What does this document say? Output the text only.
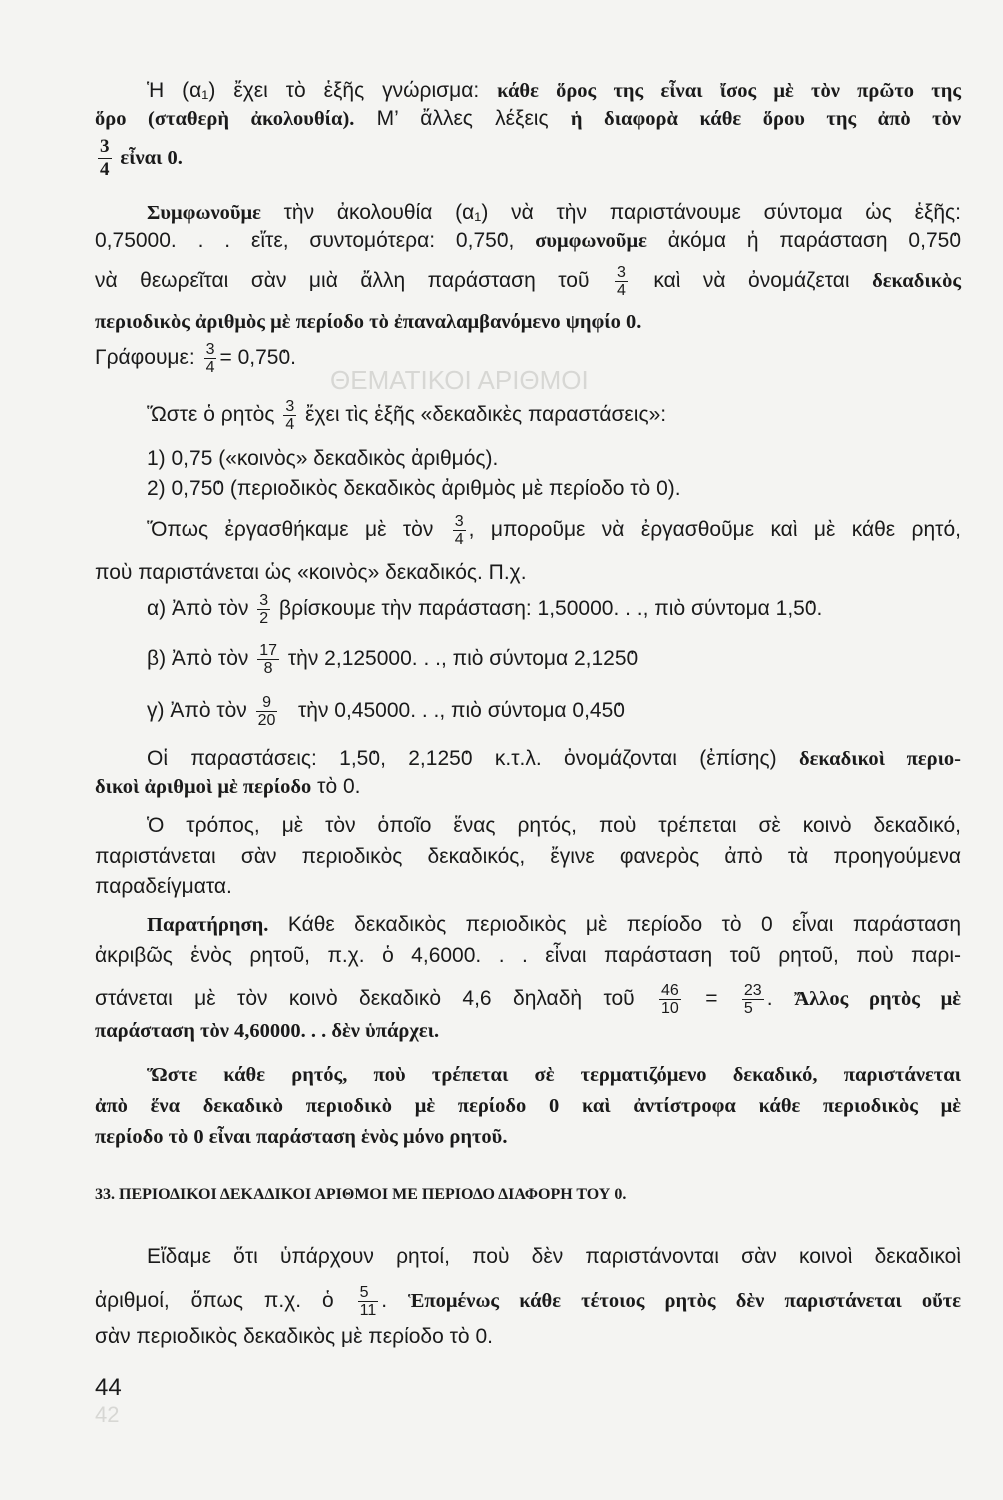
ΘΕΜΑΤΙΚΟΙ ΑΡΙΘΜΟΙ
42
Ἡ (α₁) ἔχει τὸ ἑξῆς γνώρισμα: κάθε ὅρος της εἶναι ἴσος μὲ τὸν πρῶτο της
ὅρο (σταθερὴ ἀκολουθία). Μ’ ἄλλες λέξεις ἡ διαφορὰ κάθε ὅρου της ἀπὸ τὸν
$\frac{3}{4}$ εἶναι 0.
Συμφωνοῦμε τὴν ἀκολουθία (α₁) νὰ τὴν παριστάνουμε σύντομα ὡς ἑξῆς:
0,75000. . . εἴτε, συντομότερα: 0,750 ., συμφωνοῦμε ἀκόμα ἡ παράσταση 0,750 .
νὰ θεωρεῖται σὰν μιὰ ἄλλη παράσταση τοῦ $\frac{3}{4}$ καὶ νὰ ὀνομάζεται δεκαδικὸς
περιοδικὸς ἀριθμὸς μὲ περίοδο τὸ ἐπαναλαμβανόμενο ψηφίο 0.
Γράφουμε: $\frac{3}{4} = 0,750$ ..
Ὥστε ὁ ρητὸς $\frac{3}{4}$ ἔχει τὶς ἑξῆς «δεκαδικὲς παραστάσεις»:
1) 0,75 («κοινὸς» δεκαδικὸς ἀριθμός).
2) 0,750 . (περιοδικὸς δεκαδικὸς ἀριθμὸς μὲ περίοδο τὸ 0).
Ὅπως ἐργασθήκαμε μὲ τὸν $\frac{3}{4}$ , μποροῦμε νὰ ἐργασθοῦμε καὶ μὲ κάθε ρητό,
ποὺ παριστάνεται ὡς «κοινὸς» δεκαδικός. Π.χ.
α) Ἀπὸ τὸν $\frac{3}{2}$ βρίσκουμε τὴν παράσταση: 1,50000. . ., πιὸ σύντομα 1,50 ..
β) Ἀπὸ τὸν $\frac{17}{8}$ τὴν 2,125000. . ., πιὸ σύντομα 2,1250 .
γ) Ἀπὸ τὸν $\frac{9}{20}$ τὴν 0,45000. . ., πιὸ σύντομα 0,450 .
Οἱ παραστάσεις: 1,50 ., 2,1250 . κ.τ.λ. ὀνομάζονται (ἐπίσης) δεκαδικοὶ περιο-
δικοὶ ἀριθμοὶ μὲ περίοδο τὸ 0.
Ὁ τρόπος, μὲ τὸν ὁποῖο ἕνας ρητός, ποὺ τρέπεται σὲ κοινὸ δεκαδικό,
παριστάνεται σὰν περιοδικὸς δεκαδικός, ἔγινε φανερὸς ἀπὸ τὰ προηγούμενα
παραδείγματα.
Παρατήρηση. Κάθε δεκαδικὸς περιοδικὸς μὲ περίοδο τὸ 0 εἶναι παράσταση
ἀκριβῶς ἑνὸς ρητοῦ, π.χ. ὁ 4,6000. . . εἶναι παράσταση τοῦ ρητοῦ, ποὺ παρι-
στάνεται μὲ τὸν κοινὸ δεκαδικὸ 4,6 δηλαδὴ τοῦ $\frac{46}{10} = \frac{23}{5}$ . Ἄλλος ρητὸς μὲ
παράσταση τὸν 4,60000. . . δὲν ὑπάρχει.
Ὥστε κάθε ρητός, ποὺ τρέπεται σὲ τερματιζόμενο δεκαδικό, παριστάνεται
ἀπὸ ἕνα δεκαδικὸ περιοδικὸ μὲ περίοδο 0 καὶ ἀντίστροφα κάθε περιοδικὸς μὲ
περίοδο τὸ 0 εἶναι παράσταση ἑνὸς μόνο ρητοῦ.
33. ΠΕΡΙΟΔΙΚΟΙ ΔΕΚΑΔΙΚΟΙ ΑΡΙΘΜΟΙ ΜΕ ΠΕΡΙΟΔΟ ΔΙΑΦΟΡΗ ΤΟΥ 0.
Εἴδαμε ὅτι ὑπάρχουν ρητοί, ποὺ δὲν παριστάνονται σὰν κοινοὶ δεκαδικοὶ
ἀριθμοί, ὅπως π.χ. ὁ $\frac{5}{11}$ . Ἑπομένως κάθε τέτοιος ρητὸς δὲν παριστάνεται οὔτε
σὰν περιοδικὸς δεκαδικὸς μὲ περίοδο τὸ 0.
44
